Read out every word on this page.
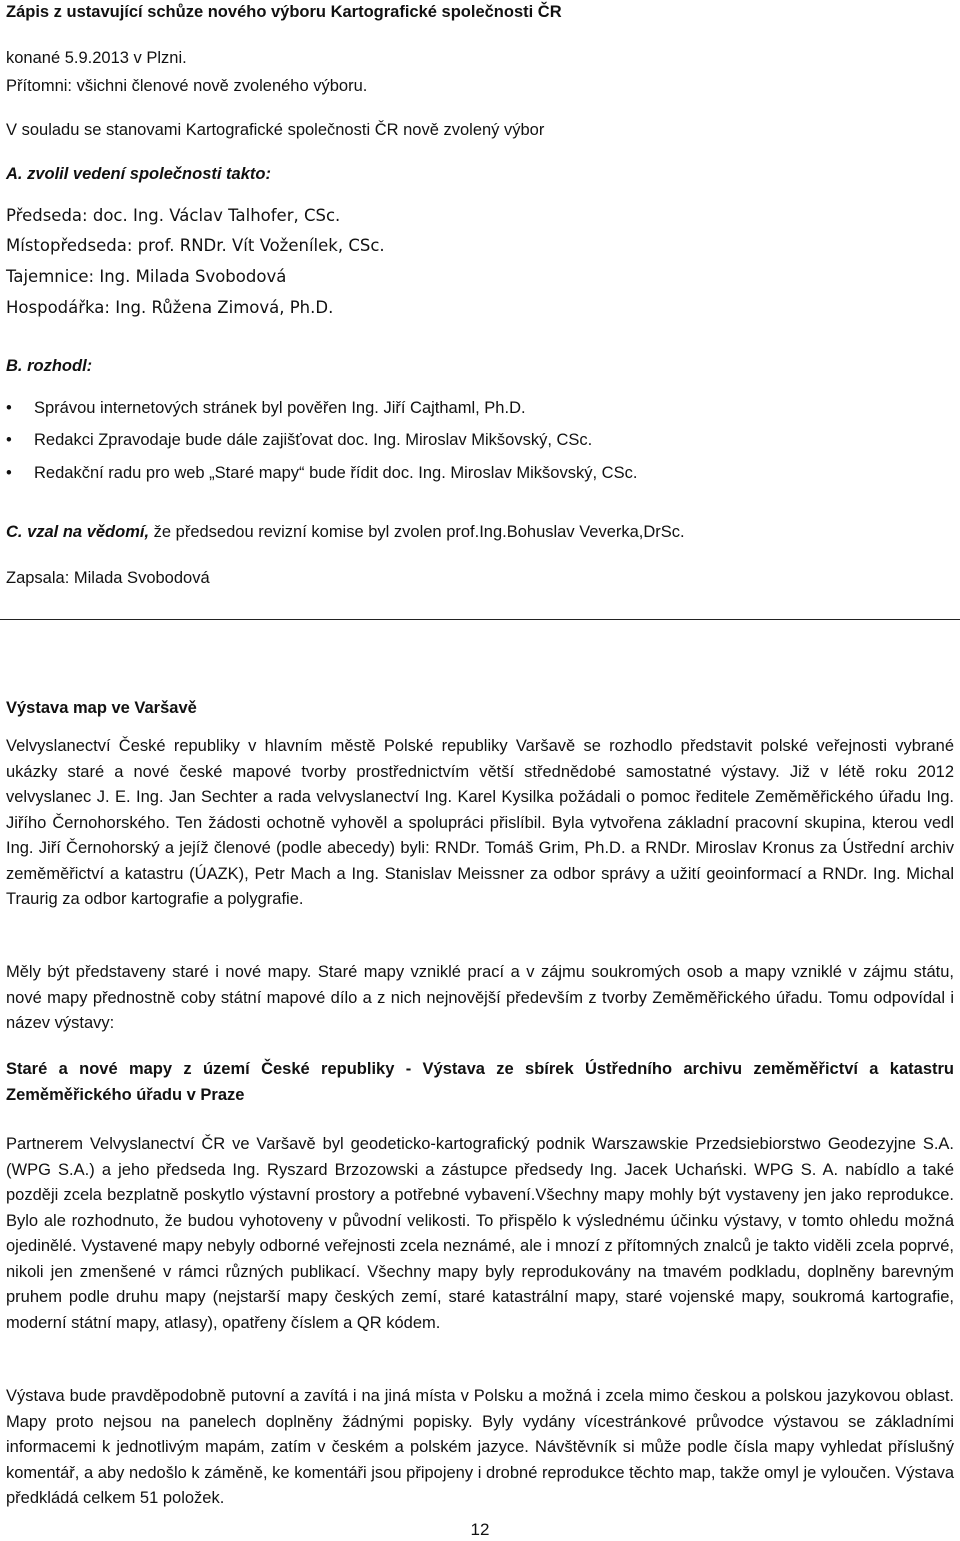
Zápis z ustavující schůze nového výboru Kartografické společnosti ČR
konané 5.9.2013 v Plzni.
Přítomni: všichni členové nově zvoleného výboru.
V souladu se stanovami Kartografické společnosti ČR nově zvolený výbor
A. zvolil vedení společnosti takto:
Předseda: doc. Ing. Václav Talhofer, CSc.
Místopředseda: prof. RNDr. Vít Voženílek, CSc.
Tajemnice: Ing. Milada Svobodová
Hospodářka: Ing. Růžena Zimová, Ph.D.
B. rozhodl:
• Správou internetových stránek byl pověřen Ing. Jiří Cajthaml, Ph.D.
• Redakci Zpravodaje bude dále zajišťovat doc. Ing. Miroslav Mikšovský, CSc.
• Redakční radu pro web „Staré mapy“ bude řídit doc. Ing. Miroslav Mikšovský, CSc.
C. vzal na vědomí, že předsedou revizní komise byl zvolen prof.Ing.Bohuslav Veverka,DrSc.
Zapsala: Milada Svobodová
Výstava map ve Varšavě
Velvyslanectví České republiky v hlavním městě Polské republiky Varšavě se rozhodlo představit polské veřejnosti vybrané ukázky staré a nové české mapové tvorby prostřednictvím větší střednědobé samostatné výstavy. Již v létě roku 2012 velvyslanec J. E. Ing. Jan Sechter a rada velvyslanectví Ing. Karel Kysilka požádali o pomoc ředitele Zeměměřického úřadu Ing. Jiřího Černohorského. Ten žádosti ochotně vyhověl a spolupráci přislíbil. Byla vytvořena základní pracovní skupina, kterou vedl Ing. Jiří Černohorský a jejíž členové (podle abecedy) byli: RNDr. Tomáš Grim, Ph.D. a RNDr. Miroslav Kronus za Ústřední archiv zeměměřictví a katastru (ÚAZK), Petr Mach a Ing. Stanislav Meissner za odbor správy a užití geoinformací a RNDr. Ing. Michal Traurig za odbor kartografie a polygrafie.
Měly být představeny staré i nové mapy. Staré mapy vzniklé prací a v zájmu soukromých osob a mapy vzniklé v zájmu státu, nové mapy přednostně coby státní mapové dílo a z nich nejnovější především z tvorby Zeměměřického úřadu. Tomu odpovídal i název výstavy:
Staré a nové mapy z území České republiky - Výstava ze sbírek Ústředního archivu zeměměřictví a katastru Zeměměřického úřadu v Praze
Partnerem Velvyslanectví ČR ve Varšavě byl geodeticko-kartografický podnik Warszawskie Przedsiebiorstwo Geodezyjne S.A. (WPG S.A.) a jeho předseda Ing. Ryszard Brzozowski a zástupce předsedy Ing. Jacek Uchański. WPG S. A. nabídlo a také později zcela bezplatně poskytlo výstavní prostory a potřebné vybavení.Všechny mapy mohly být vystaveny jen jako reprodukce. Bylo ale rozhodnuto, že budou vyhotoveny v původní velikosti. To přispělo k výslednému účinku výstavy, v tomto ohledu možná ojedinělé. Vystavené mapy nebyly odborné veřejnosti zcela neznámé, ale i mnozí z přítomných znalců je takto viděli zcela poprvé, nikoli jen zmenšené v rámci různých publikací. Všechny mapy byly reprodukovány na tmavém podkladu, doplněny barevným pruhem podle druhu mapy (nejstarší mapy českých zemí, staré katastrální mapy, staré vojenské mapy, soukromá kartografie, moderní státní mapy, atlasy), opatřeny číslem a QR kódem.
Výstava bude pravděpodobně putovní a zavítá i na jiná místa v Polsku a možná i zcela mimo českou a polskou jazykovou oblast. Mapy proto nejsou na panelech doplněny žádnými popisky. Byly vydány vícestránkové průvodce výstavou se základními informacemi k jednotlivým mapám, zatím v českém a polském jazyce. Návštěvník si může podle čísla mapy vyhledat příslušný komentář, a aby nedošlo k záměně, ke komentáři jsou připojeny i drobné reprodukce těchto map, takže omyl je vyloučen. Výstava předkládá celkem 51 položek.
12
